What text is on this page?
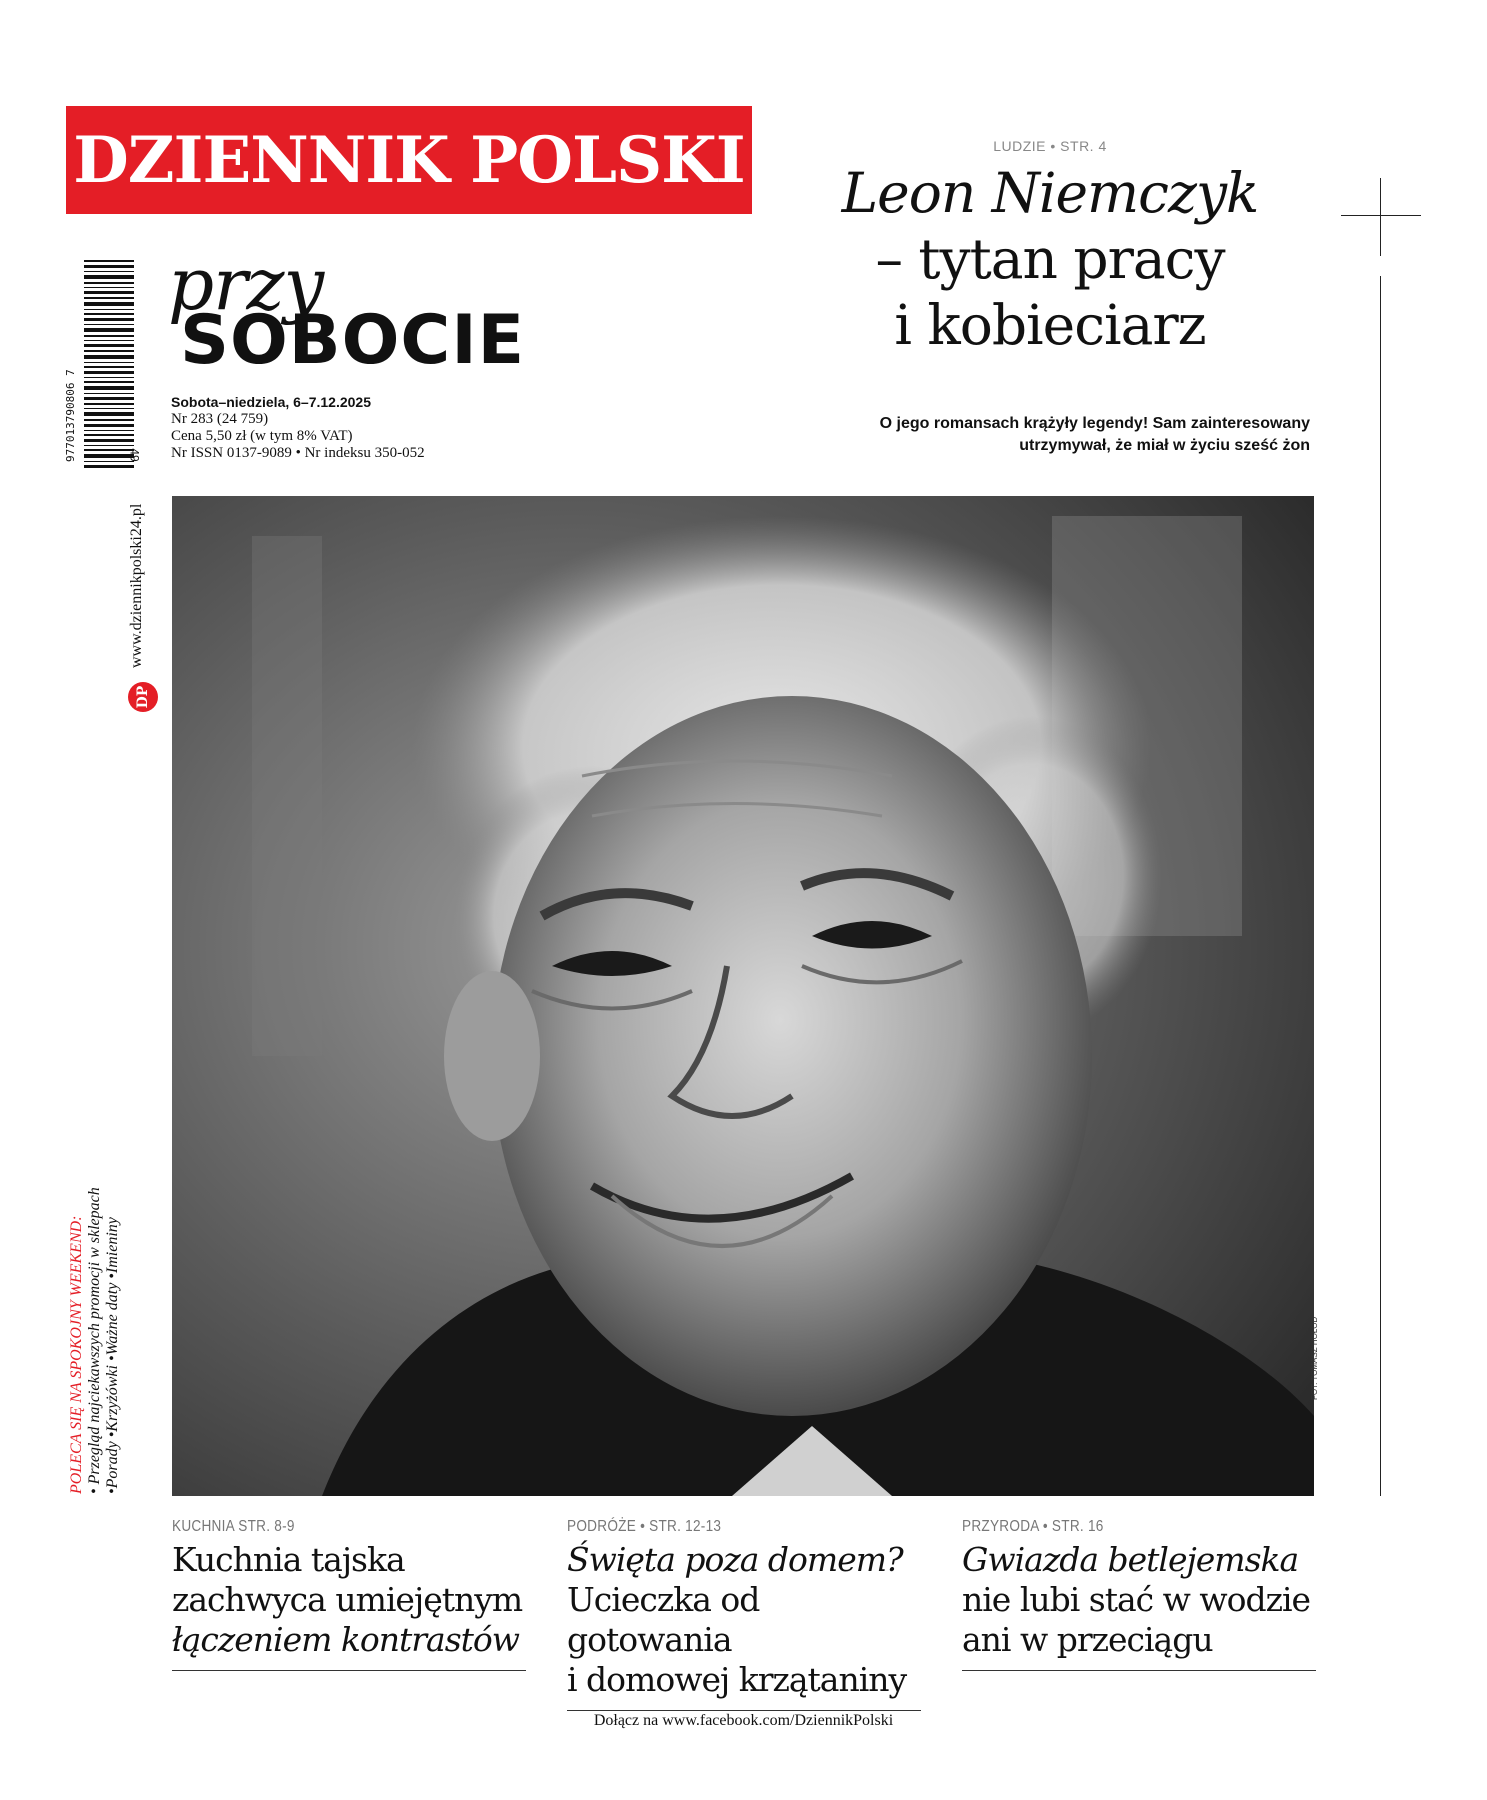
DZIENNIK POLSKI
977013790806 7	49
przy
SOBOCIE
Sobota–niedziela, 6–7.12.2025
Nr 283 (24 759)
Cena 5,50 zł (w tym 8% VAT)
Nr ISSN 0137-9089 • Nr indeksu 350-052
LUDZIE • STR. 4
Leon Niemczyk
– tytan pracy
i kobieciarz
O jego romansach krążyły legendy! Sam zainteresowany
utrzymywał, że miał w życiu sześć żon
FOT. TOMASZ HOŁOD
www.dziennikpolski24.pl
DP
POLECA SIĘ NA SPOKOJNY WEEKEND: • Przegląd najciekawszych promocji w sklepach •Porady •Krzyżówki •Ważne daty •Imieniny
KUCHNIA STR. 8-9
Kuchnia tajska
zachwyca umiejętnym
łączeniem kontrastów
PODRÓŻE • STR. 12-13
Święta poza domem?
Ucieczka od gotowania
i domowej krzątaniny
PRZYRODA • STR. 16
Gwiazda betlejemska
nie lubi stać w wodzie
ani w przeciągu
Dołącz na www.facebook.com/DziennikPolski
